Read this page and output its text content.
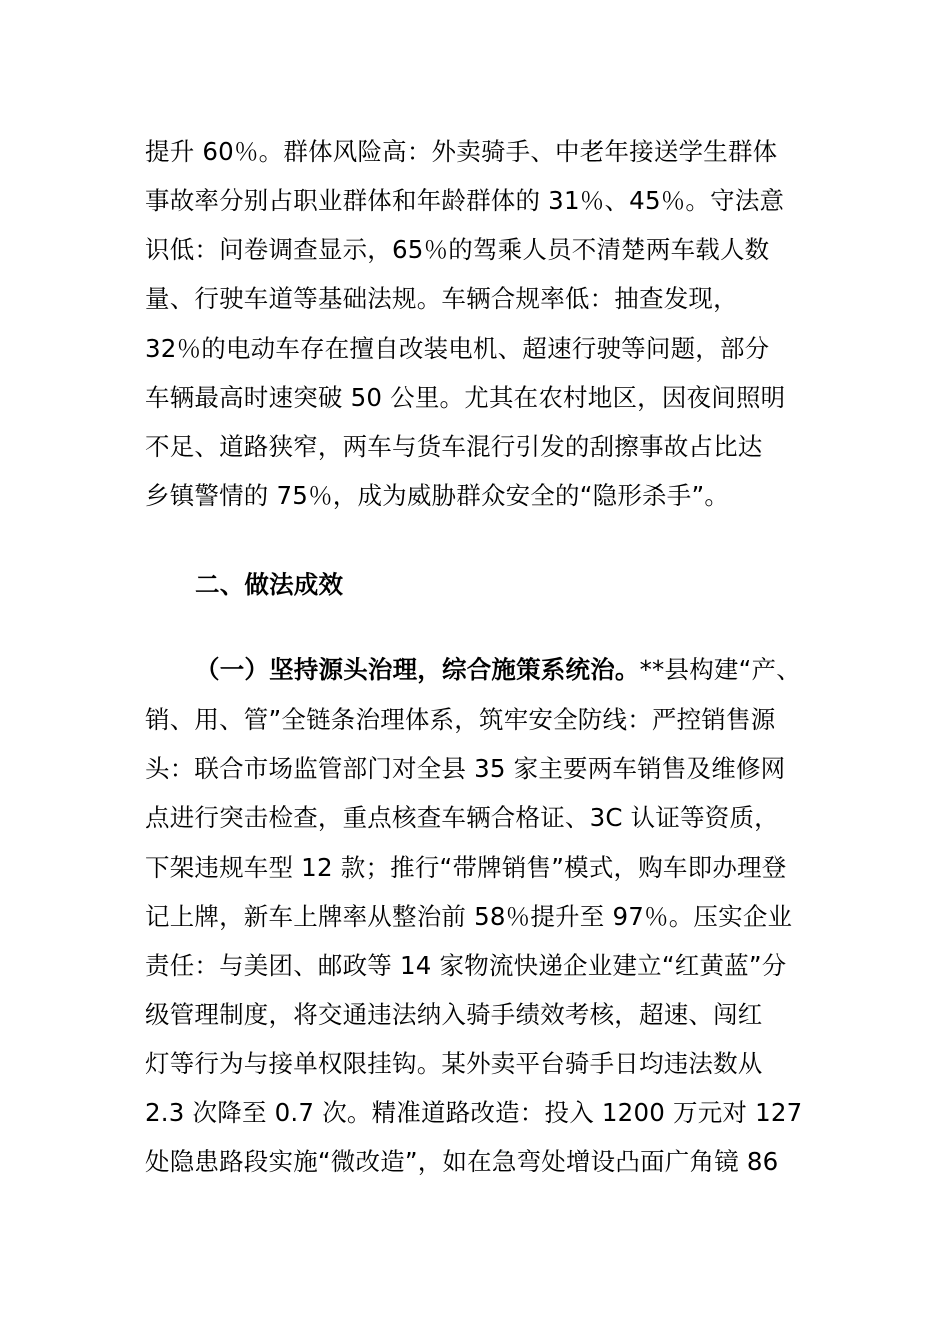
提升 60％。群体风险高：外卖骑手、中老年接送学生群体
事故率分别占职业群体和年龄群体的 31％、45％。守法意
识低：问卷调查显示，65％的驾乘人员不清楚两车载人数
量、行驶车道等基础法规。车辆合规率低：抽查发现，
32％的电动车存在擅自改装电机、超速行驶等问题，部分
车辆最高时速突破 50 公里。尤其在农村地区，因夜间照明
不足、道路狭窄，两车与货车混行引发的刮擦事故占比达
乡镇警情的 75％，成为威胁群众安全的“隐形杀手”。
二、做法成效
（一）坚持源头治理，综合施策系统治。**县构建“产、
销、用、管”全链条治理体系，筑牢安全防线：严控销售源
头：联合市场监管部门对全县 35 家主要两车销售及维修网
点进行突击检查，重点核查车辆合格证、3C 认证等资质，
下架违规车型 12 款；推行“带牌销售”模式，购车即办理登
记上牌，新车上牌率从整治前 58％提升至 97％。压实企业
责任：与美团、邮政等 14 家物流快递企业建立“红黄蓝”分
级管理制度，将交通违法纳入骑手绩效考核，超速、闯红
灯等行为与接单权限挂钩。某外卖平台骑手日均违法数从
2.3 次降至 0.7 次。精准道路改造：投入 1200 万元对 127
处隐患路段实施“微改造”，如在急弯处增设凸面广角镜 86
